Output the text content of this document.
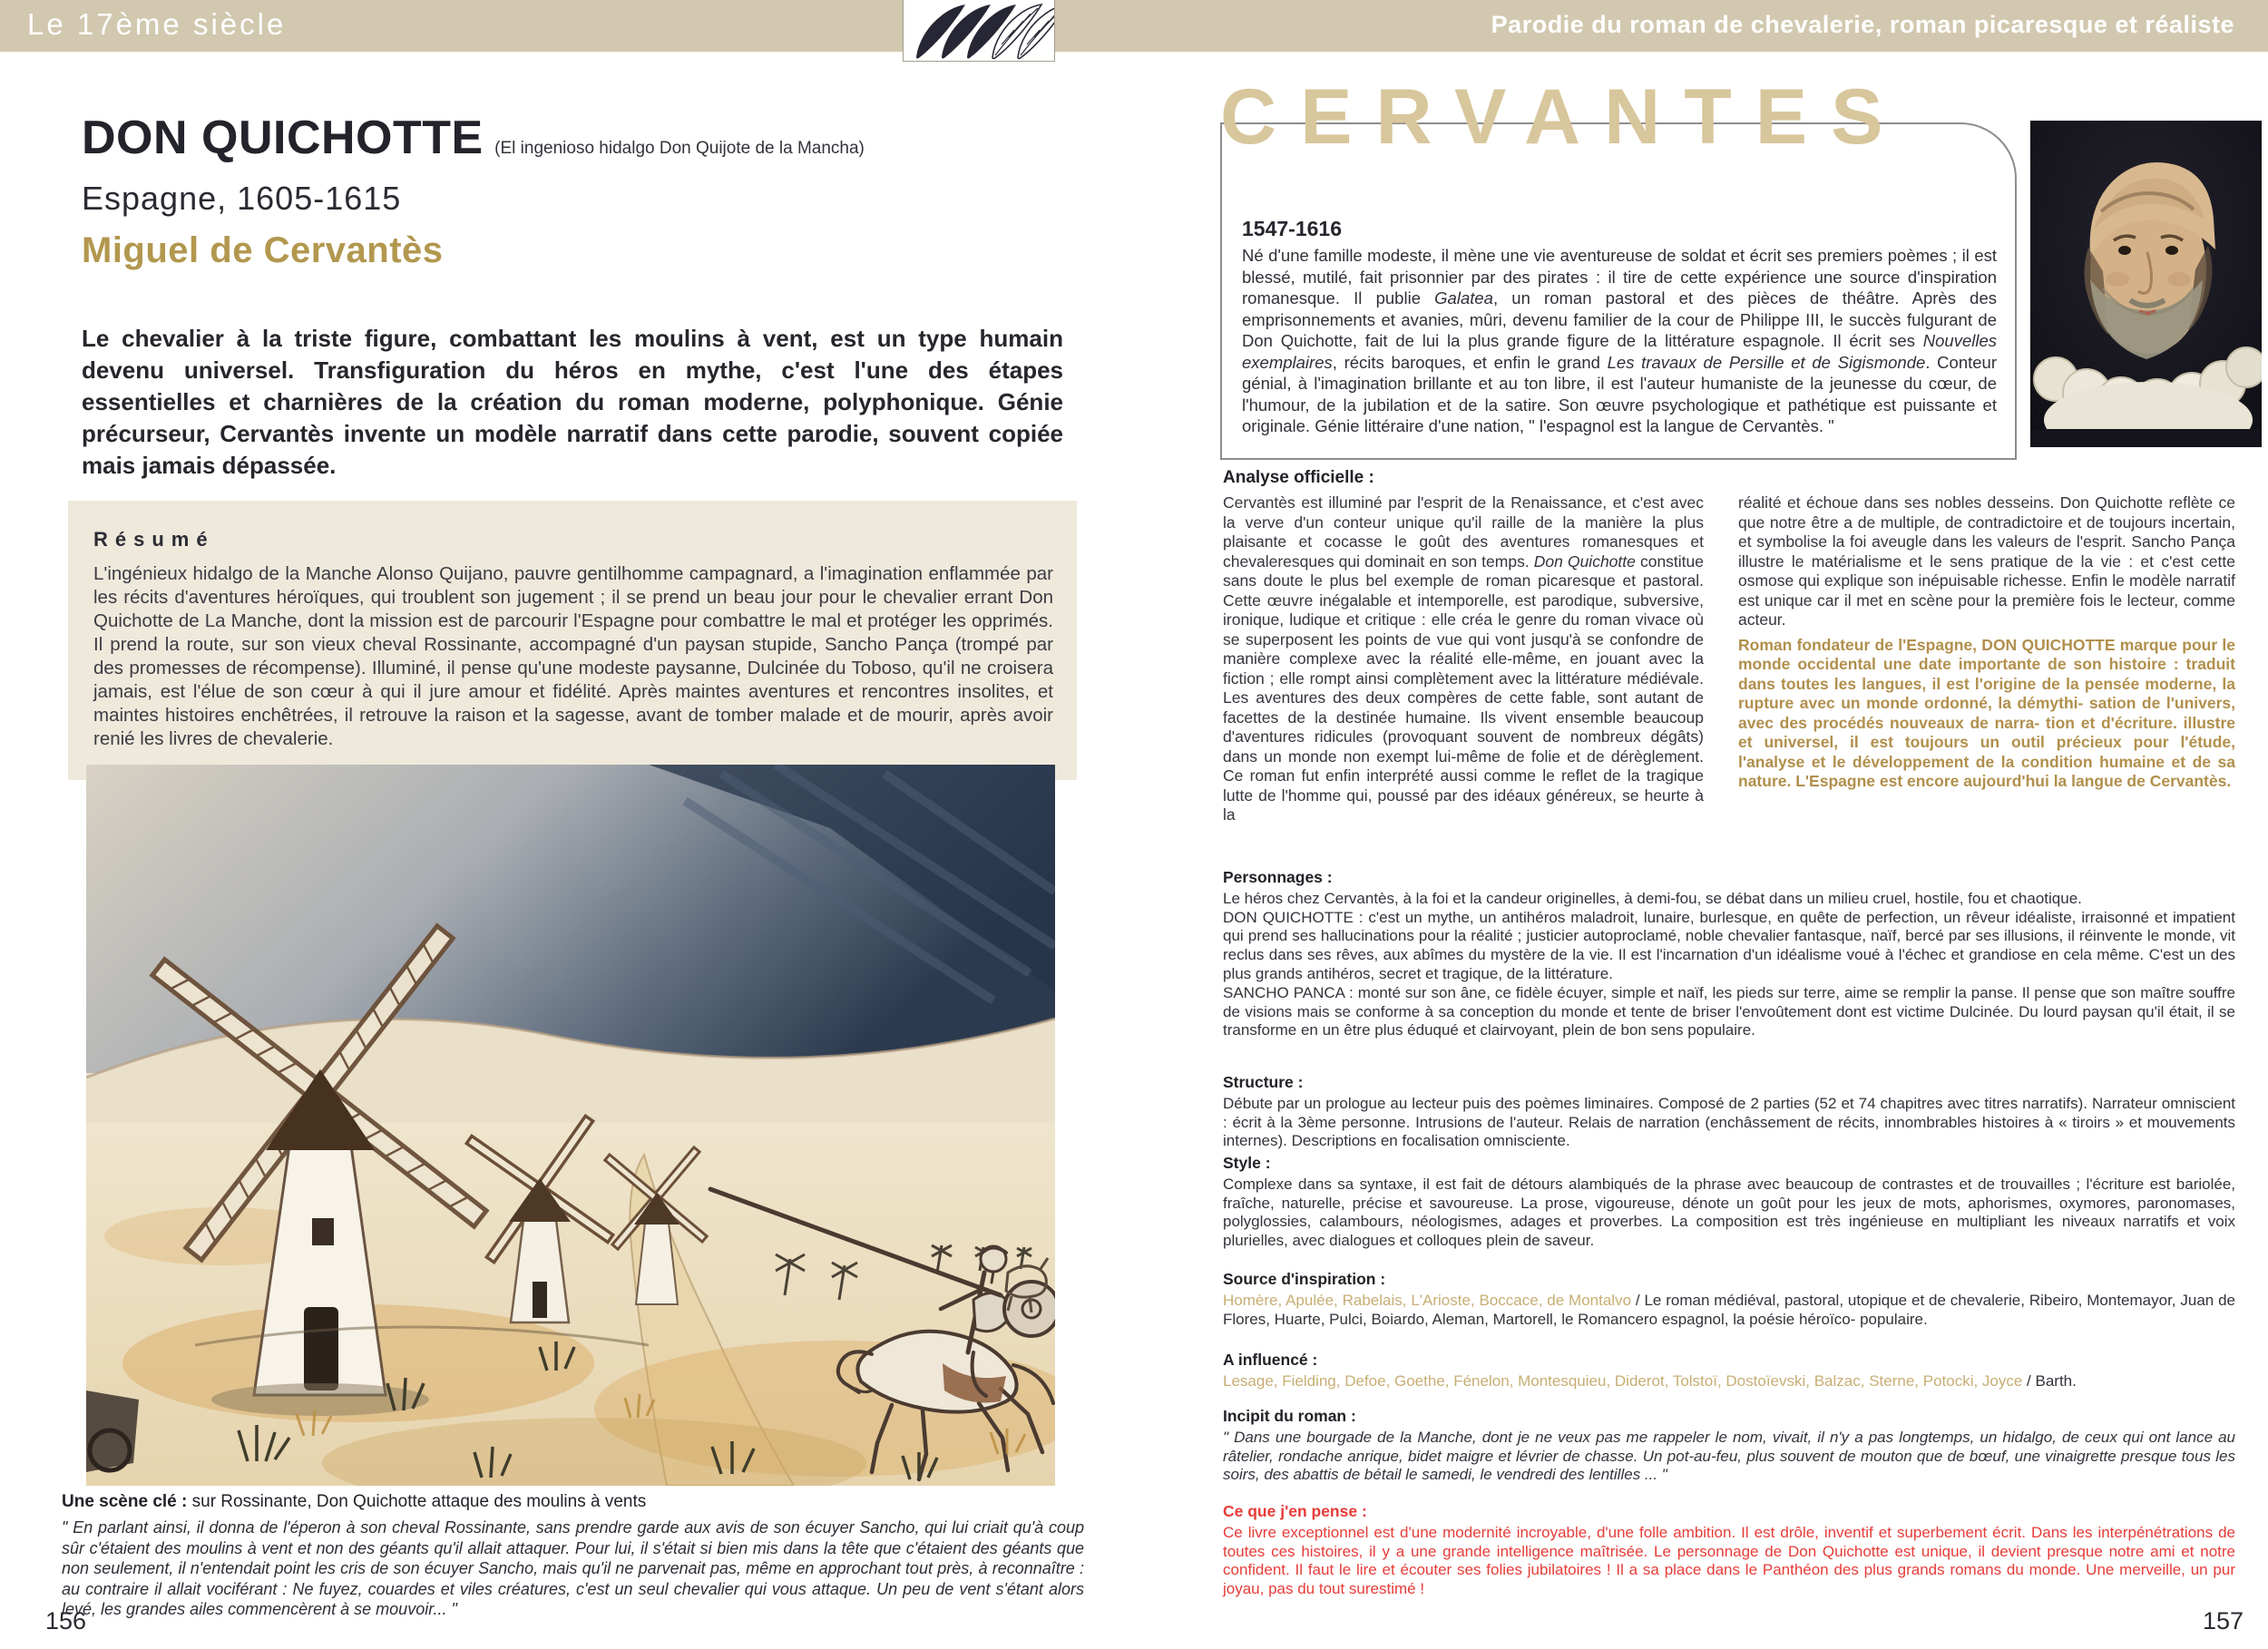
Le 17ème siècle	Parodie du roman de chevalerie, roman picaresque et réaliste
DON QUICHOTTE (El ingenioso hidalgo Don Quijote de la Mancha)
Espagne, 1605-1615
Miguel de Cervantès
Le chevalier à la triste figure, combattant les moulins à vent, est un type humain devenu universel. Transfiguration du héros en mythe, c'est l'une des étapes essentielles et charnières de la création du roman moderne, polyphonique. Génie précurseur, Cervantès invente un modèle narratif dans cette parodie, souvent copiée mais jamais dépassée.
Résumé
L'ingénieux hidalgo de la Manche Alonso Quijano, pauvre gentilhomme campagnard, a l'imagination enflammée par les récits d'aventures héroïques, qui troublent son jugement ; il se prend un beau jour pour le chevalier errant Don Quichotte de La Manche, dont la mission est de parcourir l'Espagne pour combattre le mal et protéger les opprimés. Il prend la route, sur son vieux cheval Rossinante, accompagné d'un paysan stupide, Sancho Pança (trompé par des promesses de récompense). Illuminé, il pense qu'une modeste paysanne, Dulcinée du Toboso, qu'il ne croisera jamais, est l'élue de son cœur à qui il jure amour et fidélité. Après maintes aventures et rencontres insolites, et maintes histoires enchêtrées, il retrouve la raison et la sagesse, avant de tomber malade et de mourir, après avoir renié les livres de chevalerie.
Une scène clé : sur Rossinante, Don Quichotte attaque des moulins à vents
" En parlant ainsi, il donna de l'éperon à son cheval Rossinante, sans prendre garde aux avis de son écuyer Sancho, qui lui criait qu'à coup sûr c'étaient des moulins à vent et non des géants qu'il allait attaquer. Pour lui, il s'était si bien mis dans la tête que c'étaient des géants que non seulement, il n'entendait point les cris de son écuyer Sancho, mais qu'il ne parvenait pas, même en approchant tout près, à reconnaître : au contraire il allait vociférant : Ne fuyez, couardes et viles créatures, c'est un seul chevalier qui vous attaque. Un peu de vent s'étant alors levé, les grandes ailes commencèrent à se mouvoir... "
156
1547-1616
Né d'une famille modeste, il mène une vie aventureuse de soldat et écrit ses premiers poèmes ; il est blessé, mutilé, fait prisonnier par des pirates : il tire de cette expérience une source d'inspiration romanesque. Il publie Galatea, un roman pastoral et des pièces de théâtre. Après des emprisonnements et avanies, mûri, devenu familier de la cour de Philippe III, le succès fulgurant de Don Quichotte, fait de lui la plus grande figure de la littérature espagnole. Il écrit ses Nouvelles exemplaires, récits baroques, et enfin le grand Les travaux de Persille et de Sigismonde. Conteur génial, à l'imagination brillante et au ton libre, il est l'auteur humaniste de la jeunesse du cœur, de l'humour, de la jubilation et de la satire. Son œuvre psychologique et pathétique est puissante et originale. Génie littéraire d'une nation, " l'espagnol est la langue de Cervantès. "
CERVANTES
Analyse officielle :
Cervantès est illuminé par l'esprit de la Renaissance, et c'est avec la verve d'un conteur unique qu'il raille de la manière la plus plaisante et cocasse le goût des aventures romanesques et chevaleresques qui dominait en son temps. Don Quichotte constitue sans doute le plus bel exemple de roman picaresque et pastoral. Cette œuvre inégalable et intemporelle, est parodique, subversive, ironique, ludique et critique : elle créa le genre du roman vivace où se superposent les points de vue qui vont jusqu'à se confondre de manière complexe avec la réalité elle-même, en jouant avec la fiction ; elle rompt ainsi complètement avec la littérature médiévale. Les aventures des deux compères de cette fable, sont autant de facettes de la destinée humaine. Ils vivent ensemble beaucoup d'aventures ridicules (provoquant souvent de nombreux dégâts) dans un monde non exempt lui-même de folie et de dérèglement. Ce roman fut enfin interprété aussi comme le reflet de la tragique lutte de l'homme qui, poussé par des idéaux généreux, se heurte à la
réalité et échoue dans ses nobles desseins. Don Quichotte reflète ce que notre être a de multiple, de contradictoire et de toujours incertain, et symbolise la foi aveugle dans les valeurs de l'esprit. Sancho Pança illustre le matérialisme et le sens pratique de la vie : et c'est cette osmose qui explique son inépuisable richesse. Enfin le modèle narratif est unique car il met en scène pour la première fois le lecteur, comme acteur.
Roman fondateur de l'Espagne, DON QUICHOTTE marque pour le monde occidental une date importante de son histoire : traduit dans toutes les langues, il est l'origine de la pensée moderne, la rupture avec un monde ordonné, la démythi- sation de l'univers, avec des procédés nouveaux de narra- tion et d'écriture. illustre et universel, il est toujours un outil précieux pour l'étude, l'analyse et le développement de la condition humaine et de sa nature. L'Espagne est encore aujourd'hui la langue de Cervantès.

Personnages :

Le héros chez Cervantès, à la foi et la candeur originelles, à demi-fou, se débat dans un milieu cruel, hostile, fou et chaotique.

DON QUICHOTTE : c'est un mythe, un antihéros maladroit, lunaire, burlesque, en quête de perfection, un rêveur idéaliste, irraisonné et impatient qui prend ses hallucinations pour la réalité ; justicier autoproclamé, noble chevalier fantasque, naïf, bercé par ses illusions, il réinvente le monde, vit reclus dans ses rêves, aux abîmes du mystère de la vie. Il est l'incarnation d'un idéalisme voué à l'échec et grandiose en cela même. C'est un des plus grands antihéros, secret et tragique, de la littérature.

SANCHO PANCA : monté sur son âne, ce fidèle écuyer, simple et naïf, les pieds sur terre, aime se remplir la panse. Il pense que son maître souffre de visions mais se conforme à sa conception du monde et tente de briser l'envoûtement dont est victime Dulcinée. Du lourd paysan qu'il était, il se transforme en un être plus éduqué et clairvoyant, plein de bon sens populaire.

Structure :

Débute par un prologue au lecteur puis des poèmes liminaires. Composé de 2 parties (52 et 74 chapitres avec titres narratifs). Narrateur omniscient : écrit à la 3ème personne. Intrusions de l'auteur. Relais de narration (enchâssement de récits, innombrables histoires à « tiroirs » et mouvements internes). Descriptions en focalisation omnisciente.

Style :

Complexe dans sa syntaxe, il est fait de détours alambiqués de la phrase avec beaucoup de contrastes et de trouvailles ; l'écriture est bariolée, fraîche, naturelle, précise et savoureuse. La prose, vigoureuse, dénote un goût pour les jeux de mots, aphorismes, oxymores, paronomases, polyglossies, calambours, néologismes, adages et proverbes. La composition est très ingénieuse en multipliant les niveaux narratifs et voix plurielles, avec dialogues et colloques plein de saveur.

Source d'inspiration :

Homère, Apulée, Rabelais, L'Arioste, Boccace, de Montalvo / Le roman médiéval, pastoral, utopique et de chevalerie, Ribeiro, Montemayor, Juan de Flores, Huarte, Pulci, Boiardo, Aleman, Martorell, le Romancero espagnol, la poésie héroïco- populaire.

A influencé :

Lesage, Fielding, Defoe, Goethe, Fénelon, Montesquieu, Diderot, Tolstoï, Dostoïevski, Balzac, Sterne, Potocki, Joyce / Barth.

Incipit du roman :

" Dans une bourgade de la Manche, dont je ne veux pas me rappeler le nom, vivait, il n'y a pas longtemps, un hidalgo, de ceux qui ont lance au râtelier, rondache anrique, bidet maigre et lévrier de chasse. Un pot-au-feu, plus souvent de mouton que de bœuf, une vinaigrette presque tous les soirs, des abattis de bétail le samedi, le vendredi des lentilles ... "

Ce que j'en pense :

Ce livre exceptionnel est d'une modernité incroyable, d'une folle ambition. Il est drôle, inventif et superbement écrit. Dans les interpénétrations de toutes ces histoires, il y a une grande intelligence maîtrisée. Le personnage de Don Quichotte est unique, il devient presque notre ami et notre confident. Il faut le lire et écouter ses folies jubilatoires ! Il a sa place dans le Panthéon des plus grands romans du monde. Une merveille, un pur joyau, pas du tout surestimé !

157
